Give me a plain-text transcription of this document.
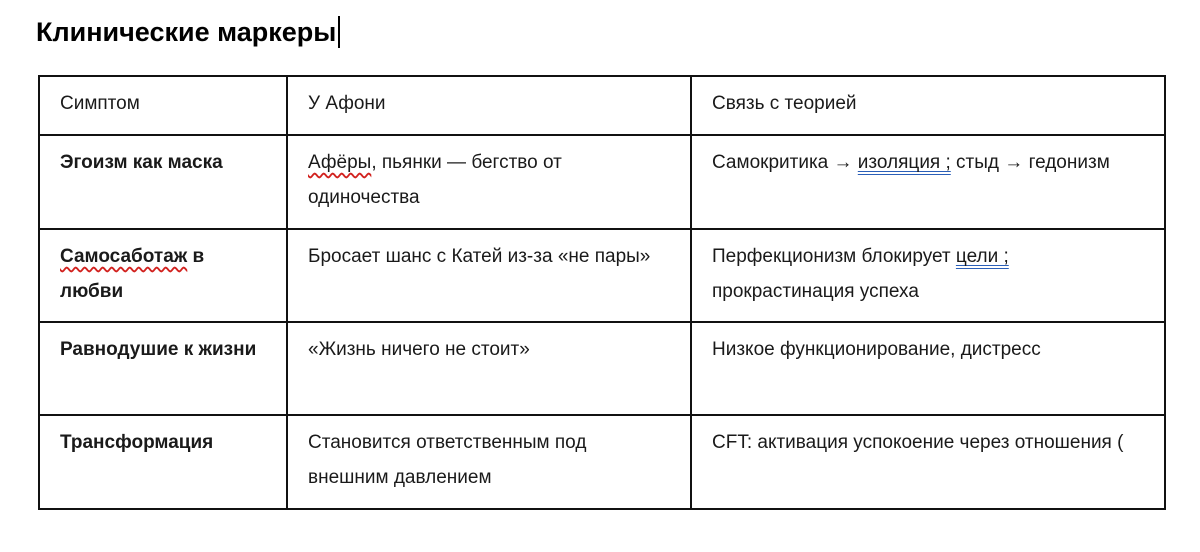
Клинические маркеры
Симптом	У Афони	Связь с теорией
Эгоизм как маска	Афёры, пьянки — бегство от одиночества	Самокритика → изоляция ; стыд → гедонизм
Самосаботаж в любви	Бросает шанс с Катей из-за «не пары»	Перфекционизм блокирует цели ; прокрастинация успеха
Равнодушие к жизни	«Жизнь ничего не стоит»	Низкое функционирование, дистресс
Трансформация	Становится ответственным под внешним давлением	CFT: активация успокоение через отношения (
